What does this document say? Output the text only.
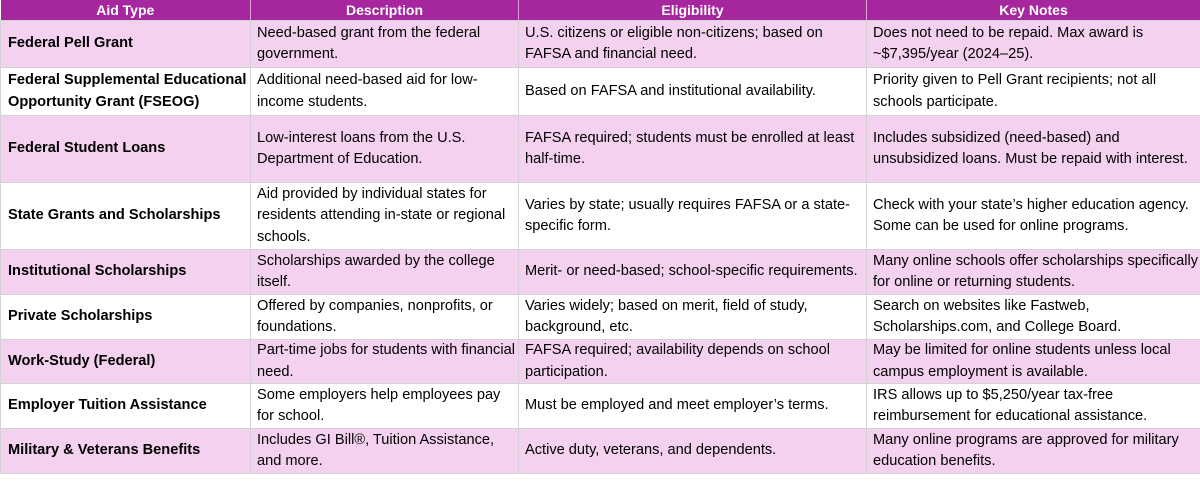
Aid Type	Description	Eligibility	Key Notes
Federal Pell Grant	Need-based grant from the federal government.	U.S. citizens or eligible non-citizens; based on FAFSA and financial need.	Does not need to be repaid. Max award is ~$7,395/year (2024–25).
Federal Supplemental Educational Opportunity Grant (FSEOG)	Additional need-based aid for low-income students.	Based on FAFSA and institutional availability.	Priority given to Pell Grant recipients; not all schools participate.
Federal Student Loans	Low-interest loans from the U.S. Department of Education.	FAFSA required; students must be enrolled at least half-time.	Includes subsidized (need-based) and unsubsidized loans. Must be repaid with interest.
State Grants and Scholarships	Aid provided by individual states for residents attending in-state or regional schools.	Varies by state; usually requires FAFSA or a state-specific form.	Check with your state’s higher education agency. Some can be used for online programs.
Institutional Scholarships	Scholarships awarded by the college itself.	Merit- or need-based; school-specific requirements.	Many online schools offer scholarships specifically for online or returning students.
Private Scholarships	Offered by companies, nonprofits, or foundations.	Varies widely; based on merit, field of study, background, etc.	Search on websites like Fastweb, Scholarships.com, and College Board.
Work-Study (Federal)	Part-time jobs for students with financial need.	FAFSA required; availability depends on school participation.	May be limited for online students unless local campus employment is available.
Employer Tuition Assistance	Some employers help employees pay for school.	Must be employed and meet employer’s terms.	IRS allows up to $5,250/year tax-free reimbursement for educational assistance.
Military & Veterans Benefits	Includes GI Bill®, Tuition Assistance, and more.	Active duty, veterans, and dependents.	Many online programs are approved for military education benefits.
